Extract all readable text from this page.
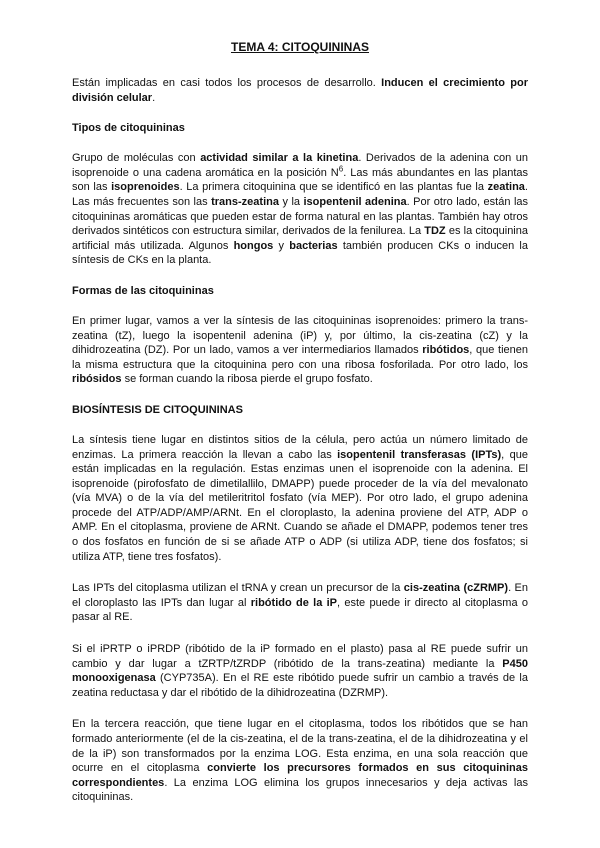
TEMA 4: CITOQUININAS

Están implicadas en casi todos los procesos de desarrollo. Inducen el crecimiento por división celular.

Tipos de citoquininas

Grupo de moléculas con actividad similar a la kinetina. Derivados de la adenina con un isoprenoide o una cadena aromática en la posición $N^6$. Las más abundantes en las plantas son las isoprenoides. La primera citoquinina que se identificó en las plantas fue la zeatina. Las más frecuentes son las trans-zeatina y la isopentenil adenina. Por otro lado, están las citoquininas aromáticas que pueden estar de forma natural en las plantas. También hay otros derivados sintéticos con estructura similar, derivados de la fenilurea. La TDZ es la citoquinina artificial más utilizada. Algunos hongos y bacterias también producen CKs o inducen la síntesis de CKs en la planta.

Formas de las citoquininas

En primer lugar, vamos a ver la síntesis de las citoquininas isoprenoides: primero la trans-zeatina (tZ), luego la isopentenil adenina (iP) y, por último, la cis-zeatina (cZ) y la dihidrozeatina (DZ). Por un lado, vamos a ver intermediarios llamados ribótidos, que tienen la misma estructura que la citoquinina pero con una ribosa fosforilada. Por otro lado, los ribósidos se forman cuando la ribosa pierde el grupo fosfato.

BIOSÍNTESIS DE CITOQUININAS

La síntesis tiene lugar en distintos sitios de la célula, pero actúa un número limitado de enzimas. La primera reacción la llevan a cabo las isopentenil transferasas (IPTs), que están implicadas en la regulación. Estas enzimas unen el isoprenoide con la adenina. El isoprenoide (pirofosfato de dimetilallilo, DMAPP) puede proceder de la vía del mevalonato (vía MVA) o de la vía del metileritritol fosfato (vía MEP). Por otro lado, el grupo adenina procede del ATP/ADP/AMP/ARNt. En el cloroplasto, la adenina proviene del ATP, ADP o AMP. En el citoplasma, proviene de ARNt. Cuando se añade el DMAPP, podemos tener tres o dos fosfatos en función de si se añade ATP o ADP (si utiliza ADP, tiene dos fosfatos; si utiliza ATP, tiene tres fosfatos).

Las IPTs del citoplasma utilizan el tRNA y crean un precursor de la cis-zeatina (cZRMP). En el cloroplasto las IPTs dan lugar al ribótido de la iP, este puede ir directo al citoplasma o pasar al RE.

Si el iPRTP o iPRDP (ribótido de la iP formado en el plasto) pasa al RE puede sufrir un cambio y dar lugar a tZRTP/tZRDP (ribótido de la trans-zeatina) mediante la P450 monooxigenasa (CYP735A). En el RE este ribótido puede sufrir un cambio a través de la zeatina reductasa y dar el ribótido de la dihidrozeatina (DZRMP).

En la tercera reacción, que tiene lugar en el citoplasma, todos los ribótidos que se han formado anteriormente (el de la cis-zeatina, el de la trans-zeatina, el de la dihidrozeatina y el de la iP) son transformados por la enzima LOG. Esta enzima, en una sola reacción que ocurre en el citoplasma convierte los precursores formados en sus citoquininas correspondientes. La enzima LOG elimina los grupos innecesarios y deja activas las citoquininas.
